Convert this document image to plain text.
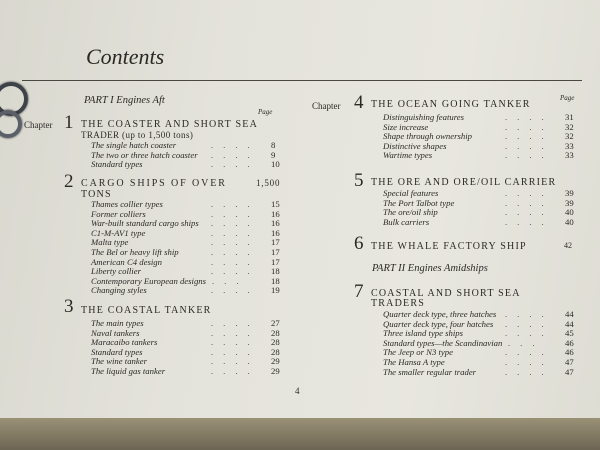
Contents
PART I Engines Aft
Page
Chapter 1 THE COASTER AND SHORT SEA
TRADER (up to 1,500 tons)
The single hatch coaster	.... 8
The two or three hatch coaster .... 9
Standard types	.... 10
2 CARGO SHIPS OF OVER	1,500
TONS
Thames collier types	.... 15
Former colliers	.... 16
War-built standard cargo ships .... 16
C1-M-AV1 type	.... 16
Malta type	.... 17
The Bel or heavy lift ship	.... 17
American C4 design	.... 17
Liberty collier	.... 18
Contemporary European designs ...	18
Changing styles	.... 19
3 THE COASTAL TANKER
The main types	.... 27
Naval tankers	.... 28
Maracaibo tankers	.... 28
Standard types	.... 28
The wine tanker	.... 29
The liquid gas tanker	.... 29
Page
Chapter 4 THE OCEAN GOING TANKER
Distinguishing features	.... 31
Size increase	.... 32
Shape through ownership	.... 32
Distinctive shapes	.... 33
Wartime types	.... 33
5 THE ORE AND ORE/OIL CARRIER
Special features	.... 39
The Port Talbot type	.... 39
The ore/oil ship	.... 40
Bulk carriers	.... 40
6 THE WHALE FACTORY SHIP	42
PART II Engines Amidships
7 COASTAL AND SHORT SEA
TRADERS
Quarter deck type, three hatches .... 44
Quarter deck type, four hatches .... 44
Three island type ships	.... 45
Standard types—the Scandinavian ... 46
The Jeep or N3 type	.... 46
The Hansa A type	.... 47
The smaller regular trader	.... 47
4
